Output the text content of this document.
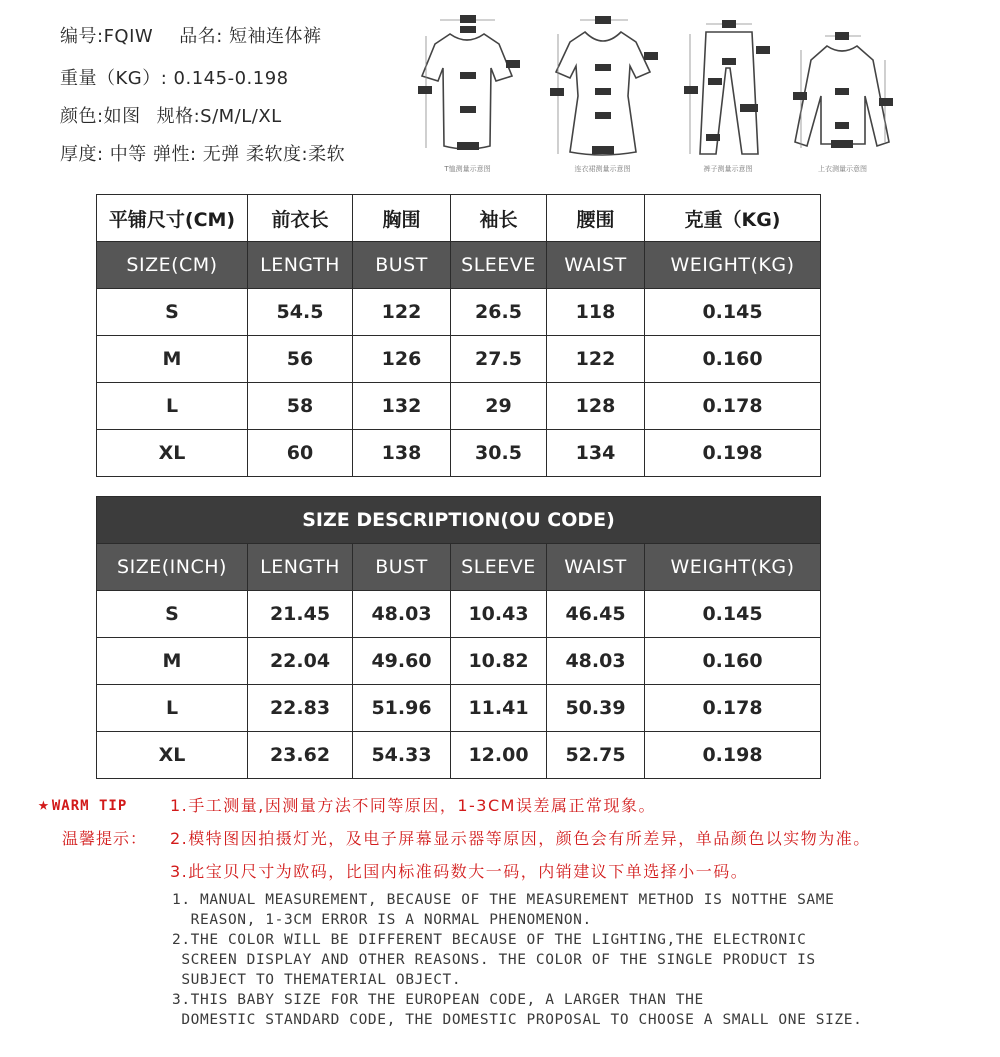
编号:FQIW 品名: 短袖连体裤
重量（KG）: 0.145-0.198
颜色:如图 规格:S/M/L/XL
厚度: 中等 弹性: 无弹 柔软度:柔软
T恤测量示意图	连衣裙测量示意图	裤子测量示意图	上衣测量示意图
平铺尺寸(CM)	前衣长	胸围	袖长	腰围	克重（KG)
SIZE(CM)	LENGTH	BUST	SLEEVE	WAIST	WEIGHT(KG)
S	54.5	122	26.5	118	0.145
M	56	126	27.5	122	0.160
L	58	132	29	128	0.178
XL	60	138	30.5	134	0.198
SIZE DESCRIPTION(OU CODE)					
SIZE(INCH)	LENGTH	BUST	SLEEVE	WAIST	WEIGHT(KG)
S	21.45	48.03	10.43	46.45	0.145
M	22.04	49.60	10.82	48.03	0.160
L	22.83	51.96	11.41	50.39	0.178
XL	23.62	54.33	12.00	52.75	0.198
★ WARM TIP
温馨提示：
1.手工测量,因测量方法不同等原因，1-3CM误差属正常现象。
2.模特图因拍摄灯光，及电子屏幕显示器等原因，颜色会有所差异，单品颜色以实物为准。
3.此宝贝尺寸为欧码，比国内标准码数大一码，内销建议下单选择小一码。
1. MANUAL MEASUREMENT, BECAUSE OF THE MEASUREMENT METHOD IS NOTTHE SAME
REASON, 1-3CM ERROR IS A NORMAL PHENOMENON.
2.THE COLOR WILL BE DIFFERENT BECAUSE OF THE LIGHTING,THE ELECTRONIC
SCREEN DISPLAY AND OTHER REASONS. THE COLOR OF THE SINGLE PRODUCT IS
SUBJECT TO THEMATERIAL OBJECT.
3.THIS BABY SIZE FOR THE EUROPEAN CODE, A LARGER THAN THE
DOMESTIC STANDARD CODE, THE DOMESTIC PROPOSAL TO CHOOSE A SMALL ONE SIZE.
